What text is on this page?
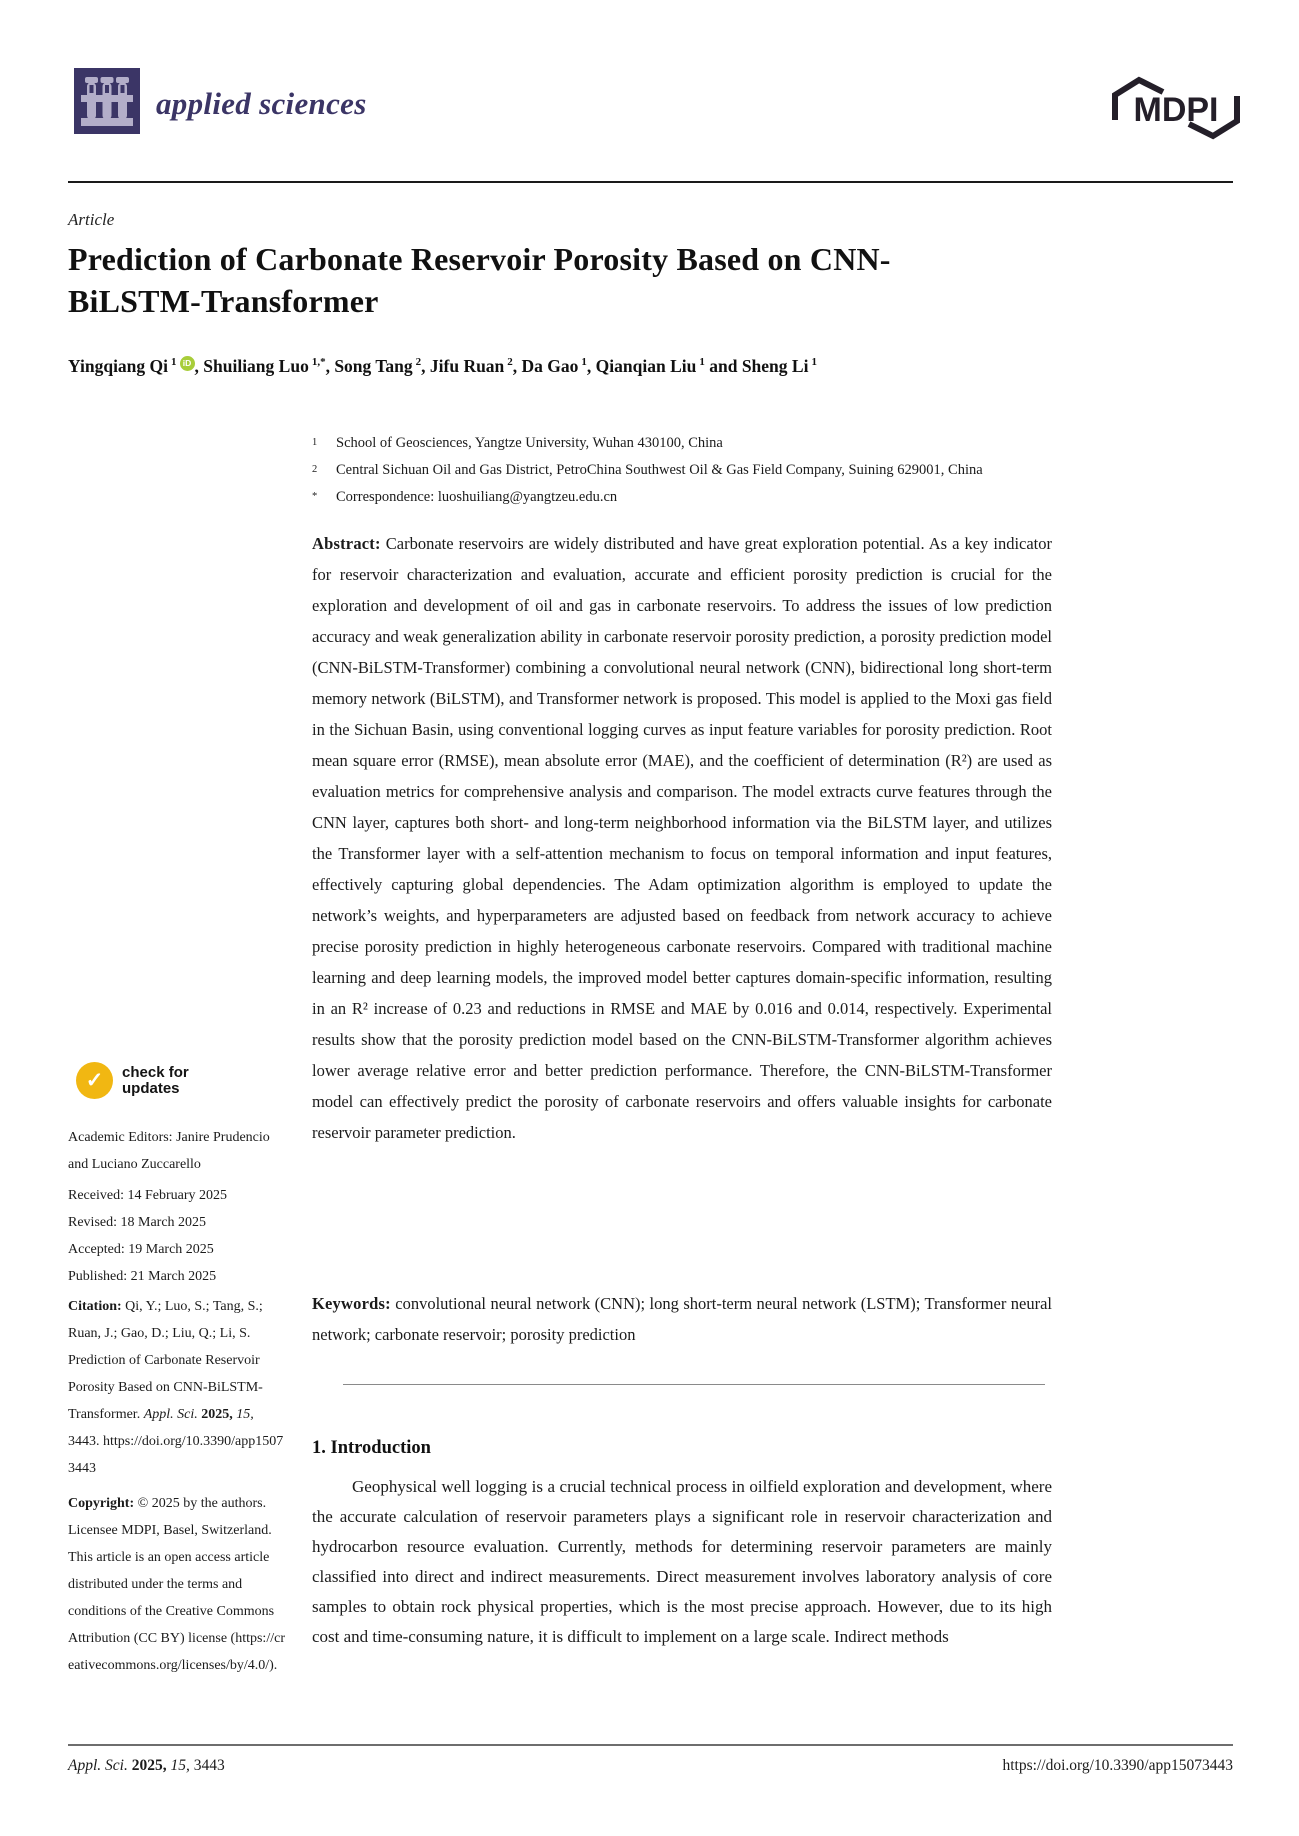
applied sciences	MDPI
Article
Prediction of Carbonate Reservoir Porosity Based on CNN-BiLSTM-Transformer
Yingqiang Qi $^1$ iD , Shuiliang Luo $^{1,*}$, Song Tang $^2$, Jifu Ruan $^2$, Da Gao $^1$, Qianqian Liu $^1$ and Sheng Li $^1$
$^1$	School of Geosciences, Yangtze University, Wuhan 430100, China
$^2$	Central Sichuan Oil and Gas District, PetroChina Southwest Oil & Gas Field Company, Suining 629001, China
*	Correspondence: luoshuiliang@yangtzeu.edu.cn

Abstract: Carbonate reservoirs are widely distributed and have great exploration potential. As a key indicator for reservoir characterization and evaluation, accurate and efficient porosity prediction is crucial for the exploration and development of oil and gas in carbonate reservoirs. To address the issues of low prediction accuracy and weak generalization ability in carbonate reservoir porosity prediction, a porosity prediction model (CNN-BiLSTM-Transformer) combining a convolutional neural network (CNN), bidirectional long short-term memory network (BiLSTM), and Transformer network is proposed. This model is applied to the Moxi gas field in the Sichuan Basin, using conventional logging curves as input feature variables for porosity prediction. Root mean square error (RMSE), mean absolute error (MAE), and the coefficient of determination (R²) are used as evaluation metrics for comprehensive analysis and comparison. The model extracts curve features through the CNN layer, captures both short- and long-term neighborhood information via the BiLSTM layer, and utilizes the Transformer layer with a self-attention mechanism to focus on temporal information and input features, effectively capturing global dependencies. The Adam optimization algorithm is employed to update the network’s weights, and hyperparameters are adjusted based on feedback from network accuracy to achieve precise porosity prediction in highly heterogeneous carbonate reservoirs. Compared with traditional machine learning and deep learning models, the improved model better captures domain-specific information, resulting in an R² increase of 0.23 and reductions in RMSE and MAE by 0.016 and 0.014, respectively. Experimental results show that the porosity prediction model based on the CNN-BiLSTM-Transformer algorithm achieves lower average relative error and better prediction performance. Therefore, the CNN-BiLSTM-Transformer model can effectively predict the porosity of carbonate reservoirs and offers valuable insights for carbonate reservoir parameter prediction.

Keywords: convolutional neural network (CNN); long short-term neural network (LSTM); Transformer neural network; carbonate reservoir; porosity prediction

1. Introduction

Geophysical well logging is a crucial technical process in oilfield exploration and development, where the accurate calculation of reservoir parameters plays a significant role in reservoir characterization and hydrocarbon resource evaluation. Currently, methods for determining reservoir parameters are mainly classified into direct and indirect measurements. Direct measurement involves laboratory analysis of core samples to obtain rock physical properties, which is the most precise approach. However, due to its high cost and time-consuming nature, it is difficult to implement on a large scale. Indirect methods

✓	check for
updates
Academic Editors: Janire Prudencio and Luciano Zuccarello
Received: 14 February 2025
Revised: 18 March 2025
Accepted: 19 March 2025
Published: 21 March 2025
Citation: Qi, Y.; Luo, S.; Tang, S.; Ruan, J.; Gao, D.; Liu, Q.; Li, S. Prediction of Carbonate Reservoir Porosity Based on CNN-BiLSTM-Transformer. Appl. Sci. 2025, 15, 3443. https://doi.org/10.3390/app15073443
Copyright: © 2025 by the authors. Licensee MDPI, Basel, Switzerland. This article is an open access article distributed under the terms and conditions of the Creative Commons Attribution (CC BY) license (https://creativecommons.org/licenses/by/4.0/).
Appl. Sci. 2025, 15, 3443	https://doi.org/10.3390/app15073443
